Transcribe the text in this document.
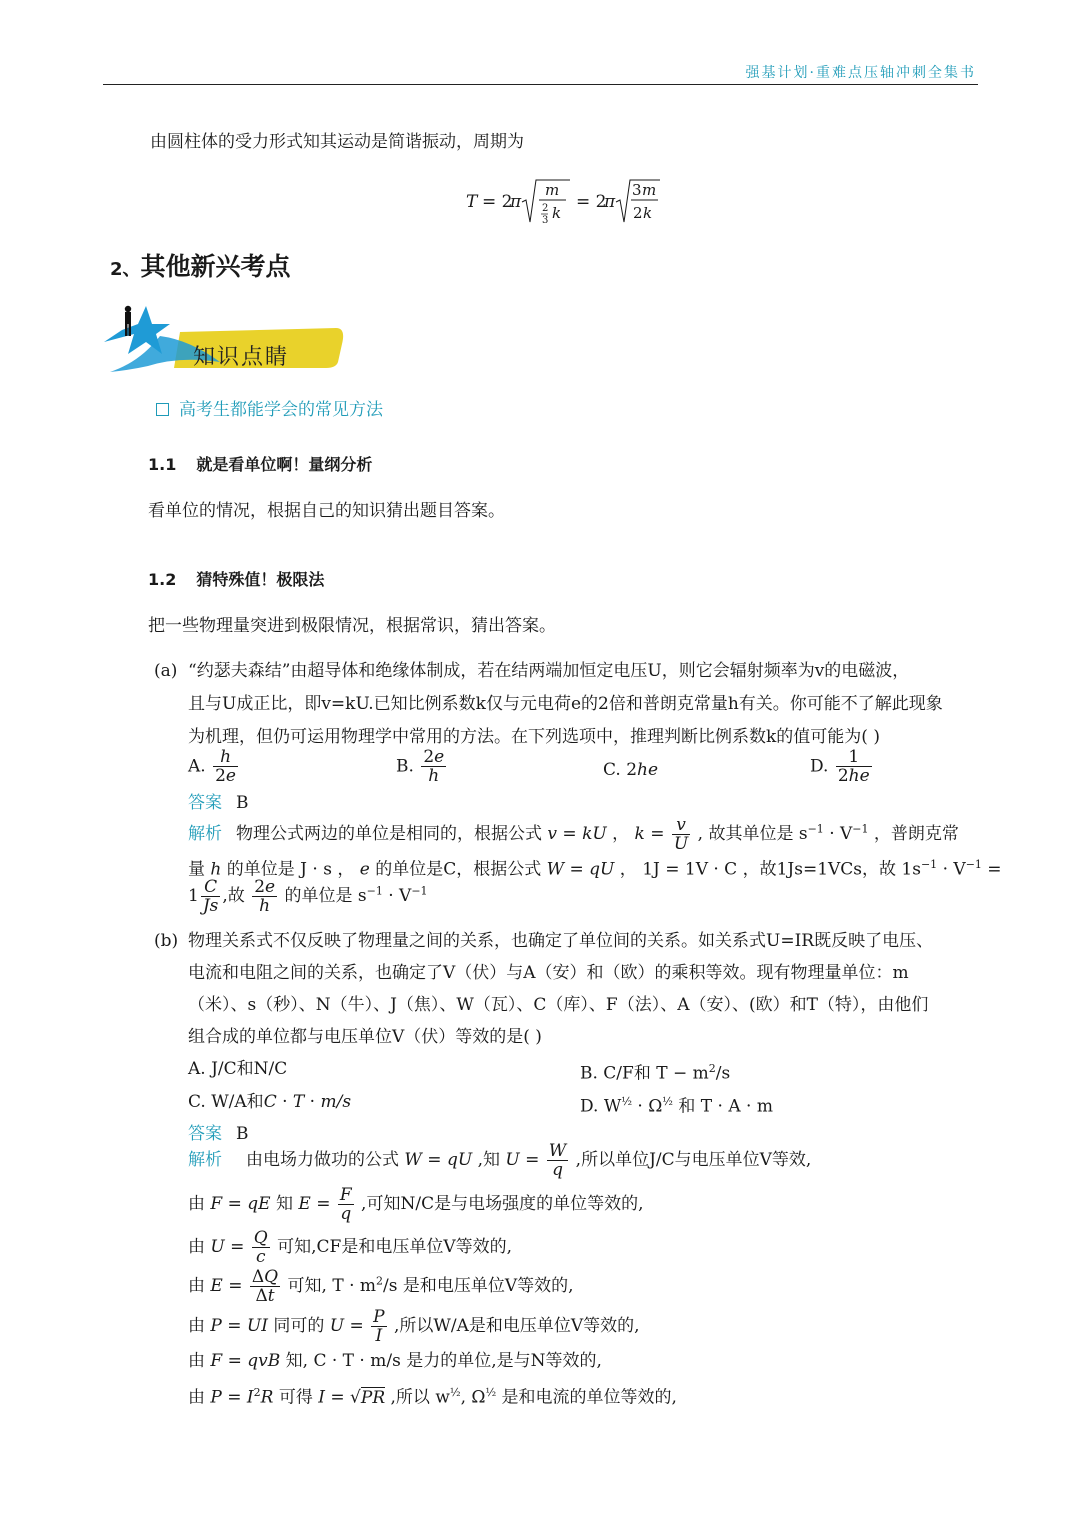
强基计划·重难点压轴冲刺全集书
由圆柱体的受力形式知其运动是简谐振动，周期为
T = 2
π
m
2
3 k
= 2
π
3 m
2 k
2、其他新兴考点
知识点睛
高考生都能学会的常见方法
1.1 就是看单位啊！量纲分析
看单位的情况，根据自己的知识猜出题目答案。
1.2 猜特殊值！极限法
把一些物理量突进到极限情况，根据常识，猜出答案。
(a) “约瑟夫森结”由超导体和绝缘体制成，若在结两端加恒定电压U，则它会辐射频率为v的电磁波，
且与U成正比，即v=kU.已知比例系数k仅与元电荷e的2倍和普朗克常量h有关。你可能不了解此现象
为机理，但仍可运用物理学中常用的方法。在下列选项中，推理判断比例系数k的值可能为( )
A. $\frac{h}{2e}$	B. $\frac{2e}{h}$	C. 2he	D. $\frac{1}{2he}$
答案 B
解析 物理公式两边的单位是相同的，根据公式 v = kU ， $k = \frac{v}{U}$ , 故其单位是 $s^{-1} \cdot V^{-1}$ ，普朗克常
量 h 的单位是 J · s ， e 的单位是C，根据公式 W = qU ， 1J = 1V · C ，故1Js=1VCs，故 $1s^{-1} \cdot V^{-1}$ =
$1 \frac{C}{Js}$ ,故 $\frac{2e}{h}$ 的单位是 $s^{-1} \cdot V^{-1}$
(b) 物理关系式不仅反映了物理量之间的关系，也确定了单位间的关系。如关系式U=IR既反映了电压、
电流和电阻之间的关系，也确定了V（伏）与A（安）和（欧）的乘积等效。现有物理量单位：m
（米）、s（秒）、N（牛）、J（焦）、W（瓦）、C（库）、F（法）、A（安）、(欧）和T（特），由他们
组合成的单位都与电压单位V（伏）等效的是( )
A. J/C和N/C	B. C/F和 $T - m^2/s$
C. W/A和C · T · m/s	D. $W^{\frac{1}{2}} \cdot \Omega^{\frac{1}{2}}$ 和 T · A · m
答案 B
解析 由电场力做功的公式 W = qU ,知 $U = \frac{W}{q}$ ,所以单位J/C与电压单位V等效,
由 F = qE 知 $E = \frac{F}{q}$ ,可知N/C是与电场强度的单位等效的,
由 $U = \frac{Q}{c}$ 可知,CF是和电压单位V等效的,
由 $E = \frac{\Delta Q}{\Delta t}$ 可知, $T \cdot m^2/s$ 是和电压单位V等效的,
由 P = UI 同可的 $U = \frac{P}{I}$ ,所以W/A是和电压单位V等效的,
由 F = qvB 知, C · T · m/s 是力的单位,是与N等效的,
由 $P = I^2R$ 可得 I = √PR ,所以 $w^{\frac{1}{2}}$, $\Omega^{\frac{1}{2}}$ 是和电流的单位等效的,
